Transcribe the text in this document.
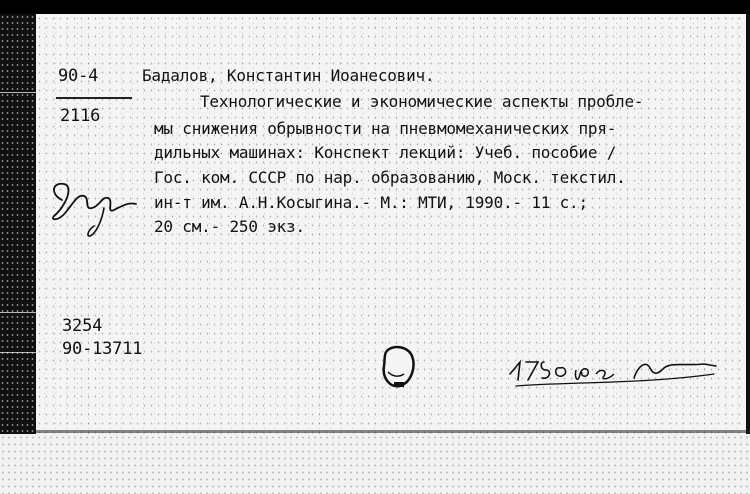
90-4
2116
Бадалов, Константин Иоанесович.
Технологические и экономические аспекты пробле-
мы снижения обрывности на пневмомеханических пря-
дильных машинах: Конспект лекций: Учеб. пособие /
Гос. ком. СССР по нар. образованию, Моск. текстил.
ин-т им. А.Н.Косыгина.- М.: МТИ, 1990.- 11 с.;
20 см.- 250 экз.
3254
90-13711
